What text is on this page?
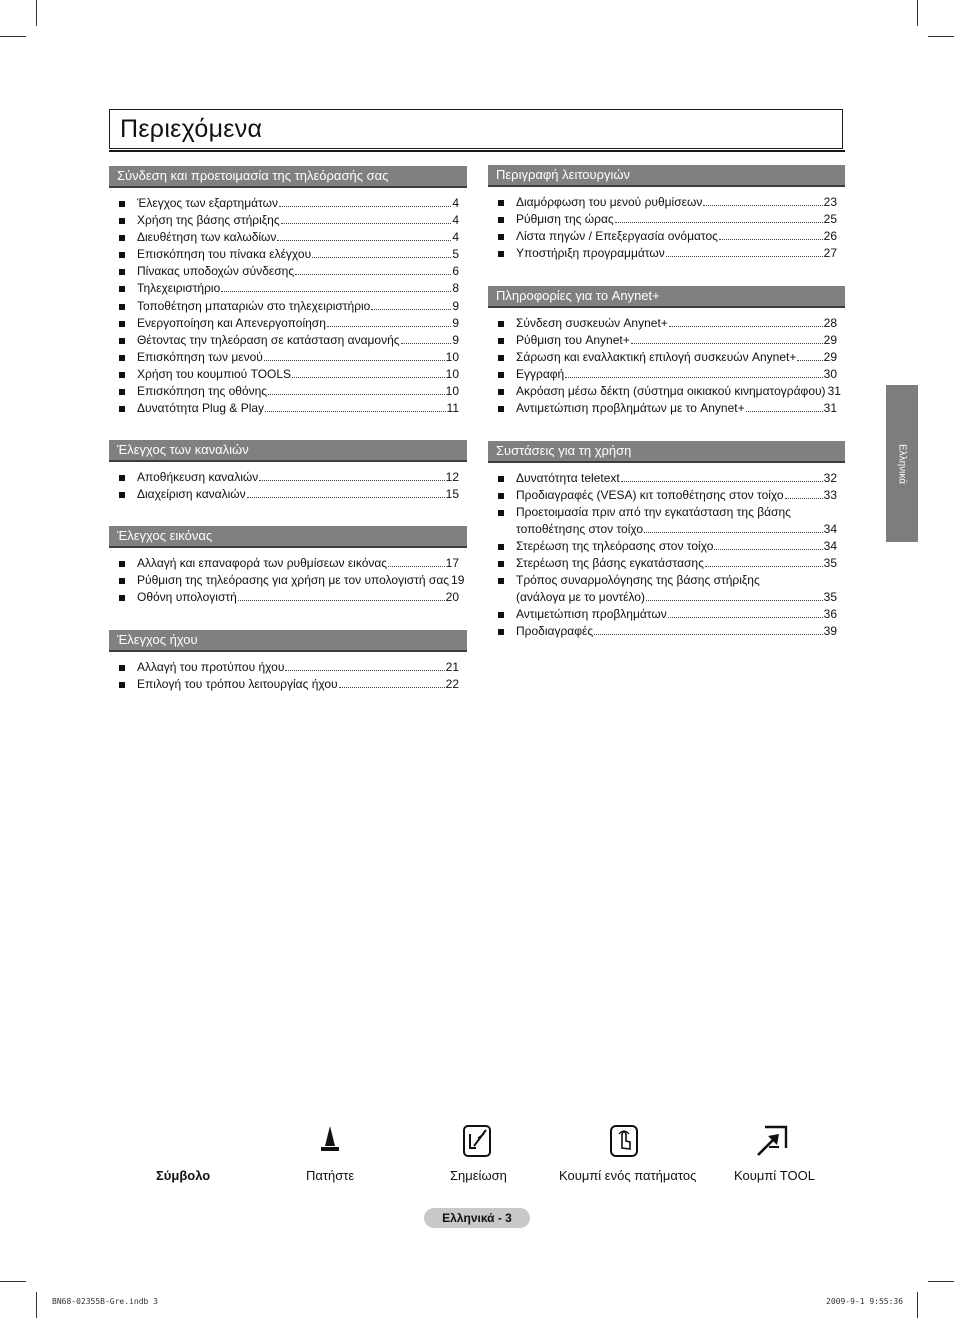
Περιεχόμενα
Σύνδεση και προετοιμασία της τηλεόρασής σας
Έλεγχος των εξαρτημάτων	4
Χρήση της βάσης στήριξης	4
Διευθέτηση των καλωδίων	4
Επισκόπηση του πίνακα ελέγχου	5
Πίνακας υποδοχών σύνδεσης	6
Τηλεχειριστήριο	8
Τοποθέτηση μπαταριών στο τηλεχειριστήριο	9
Ενεργοποίηση και Απενεργοποίηση	9
Θέτοντας την τηλεόραση σε κατάσταση αναμονής	9
Επισκόπηση των μενού	10
Χρήση του κουμπιού TOOLS	10
Επισκόπηση της οθόνης	10
Δυνατότητα Plug & Play	11
Έλεγχος των καναλιών
Αποθήκευση καναλιών	12
Διαχείριση καναλιών	15
Έλεγχος εικόνας
Αλλαγή και επαναφορά των ρυθμίσεων εικόνας	17
Ρύθμιση της τηλεόρασης για χρήση με τον υπολογιστή σας 19
Οθόνη υπολογιστή	20
Έλεγχος ήχου
Αλλαγή του προτύπου ήχου	21
Επιλογή του τρόπου λειτουργίας ήχου	22
Περιγραφή λειτουργιών
Διαμόρφωση του μενού ρυθμίσεων	23
Ρύθμιση της ώρας	25
Λίστα πηγών / Επεξεργασία ονόματος	26
Υποστήριξη προγραμμάτων	27
Πληροφορίες για το Anynet+
Σύνδεση συσκευών Anynet+	28
Ρύθμιση του Anynet+	29
Σάρωση και εναλλακτική επιλογή συσκευών Anynet+ 29
Εγγραφή	30
Ακρόαση μέσω δέκτη (σύστημα οικιακού κινηματογράφου) 31
Αντιμετώπιση προβλημάτων με το Anynet+	31
Συστάσεις για τη χρήση
Δυνατότητα teletext	32
Προδιαγραφές (VESA) κιτ τοποθέτησης στον τοίχο	33
Προετοιμασία πριν από την εγκατάσταση της βάσης
τοποθέτησης στον τοίχο	34
Στερέωση της τηλεόρασης στον τοίχο	34
Στερέωση της βάσης εγκατάστασης	35
Τρόπος συναρμολόγησης της βάσης στήριξης
(ανάλογα με το μοντέλο)	35
Αντιμετώπιση προβλημάτων	36
Προδιαγραφές	39
Ελληνικά
Σύμβολο	Πατήστε	Σημείωση	Κουμπί ενός πατήματος	Κουμπί TOOL
Ελληνικά - 3
BN68-02355B-Gre.indb 3	2009-9-1 9:55:36
